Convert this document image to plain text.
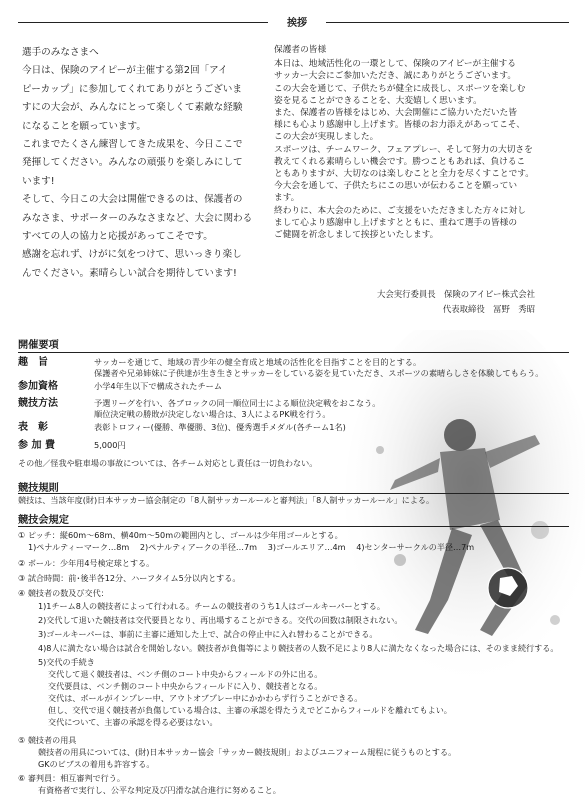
挨拶

選手のみなさまへ

今日は、保険のアイピーが主催する第2回「アイ

ピーカップ」に参加してくれてありがとうございま

すにの大会が、みんなにとって楽しくて素敵な経験

になることを願っています。

これまでたくさん練習してきた成果を、今日ここで

発揮してください。みんなの頑張りを楽しみにして

います!

そして、今日この大会は開催できるのは、保護者の

みなさま、サポーターのみなさまなど、大会に関わる

すべての人の協力と応援があってこそです。

感謝を忘れず、けがに気をつけて、思いっきり楽し

んでください。素晴らしい試合を期待しています!

保護者の皆様

本日は、地域活性化の一環として、保険のアイピーが主催する

サッカー大会にご参加いただき、誠にありがとうございます。

この大会を通じて、子供たちが健全に成長し、スポーツを楽しむ

姿を見ることができることを、大変嬉しく思います。

また、保護者の皆様をはじめ、大会開催にご協力いただいた皆

様にも心より感謝申し上げます。皆様のお力添えがあってこそ、

この大会が実現しました。

スポーツは、チームワーク、フェアプレー、そして努力の大切さを

教えてくれる素晴らしい機会です。勝つこともあれば、負けるこ

ともありますが、大切なのは楽しむことと全力を尽くすことです。

今大会を通して、子供たちにこの思いが伝わることを願ってい

ます。

終わりに、本大会のために、ご支援をいただきました方々に対し

まして心より感謝申し上げますとともに、重ねて選手の皆様の

ご健闘を祈念しまして挨拶といたします。

大会実行委員長　保険のアイピー株式会社
代表取締役　冨野　秀昭
開催要項
趣　旨	サッカーを通じて、地域の青少年の健全育成と地域の活性化を目指すことを目的とする。
保護者や兄弟姉妹に子供達が生き生きとサッカーをしている姿を見ていただき、スポーツの素晴らしさを体験してもらう。
参加資格	小学4年生以下で構成されたチーム
競技方法	予選リーグを行い、各ブロックの同一順位同士による順位決定戦をおこなう。
順位決定戦の勝敗が決定しない場合は、3人によるPK戦を行う。
表　彰	表彰トロフィー(優勝、準優勝、3位)、優秀選手メダル(各チーム1名)
参 加 費	5,000円
その他／怪我や駐車場の事故については、各チーム対応とし責任は一切負わない。
競技規則
競技は、当該年度(財)日本サッカー協会制定の「8人制サッカールールと審判法」「8人制サッカールール」による。
競技会規定
① ピッチ：縦60m～68m、横40m～50mの範囲内とし、ゴールは少年用ゴールとする。
1)ペナルティーマーク…8m　 2)ペナルティアークの半径…7m　 3)ゴールエリア…4m　 4)センターサークルの半径…7m
② ボール：少年用4号検定球とする。
③ 試合時間：前･後半各12分、ハーフタイム5分以内とする。
④ 競技者の数及び交代：
1)1チーム8人の競技者によって行われる。チームの競技者のうち1人はゴールキーパーとする。
2)交代して退いた競技者は交代要員となり、再出場することができる。交代の回数は制限されない。
3)ゴールキーパーは、事前に主審に通知した上で、試合の停止中に入れ替わることができる。
4)8人に満たない場合は試合を開始しない。競技者が負傷等により競技者の人数不足により8人に満たなくなった場合には、そのまま続行する。
5)交代の手続き
交代して退く競技者は、ベンチ側のコート中央からフィールドの外に出る。
交代要員は、ベンチ側のコート中央からフィールドに入り、競技者となる。
交代は、ボールがインプレー中、アウトオブプレー中にかかわらず行うことができる。
但し、交代で退く競技者が負傷している場合は、主審の承認を得たうえでどこからフィールドを離れてもよい。
交代について、主審の承認を得る必要はない。
⑤ 競技者の用具
競技者の用具については、(財)日本サッカー協会「サッカー競技規則」およびユニフォーム規程に従うものとする。
GKのビブスの着用も許容する。
⑥ 審判員：相互審判で行う。
有資格者で実行し、公平な判定及び円滑な試合進行に努めること。
